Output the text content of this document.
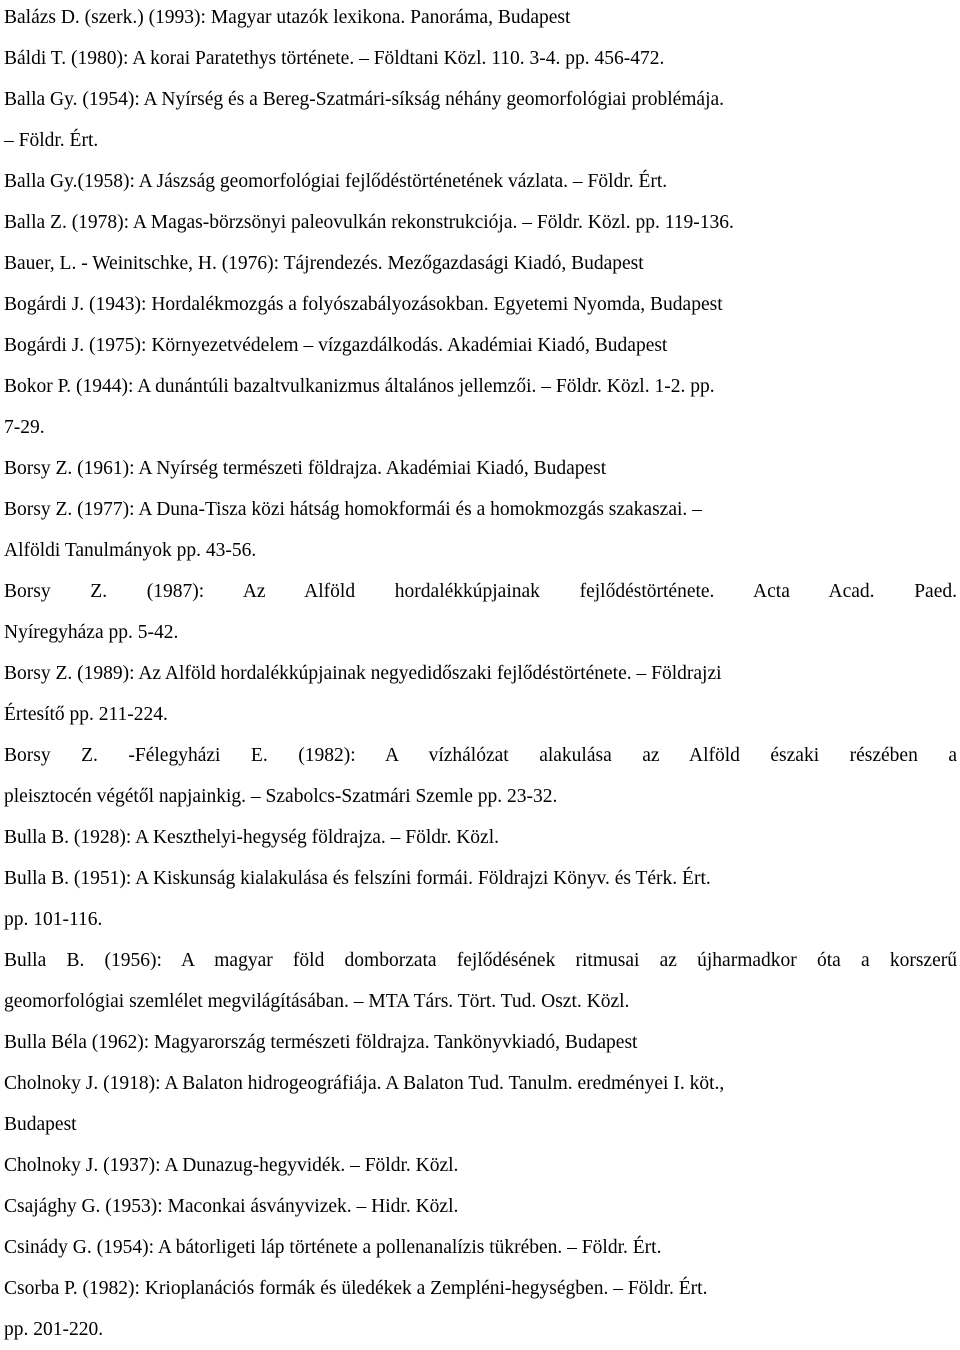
Balázs D. (szerk.) (1993): Magyar utazók lexikona. Panoráma, Budapest
Báldi T. (1980): A korai Paratethys története. – Földtani Közl. 110. 3-4. pp. 456-472.
Balla Gy. (1954): A Nyírség és a Bereg-Szatmári-síkság néhány geomorfológiai problémája.
– Földr. Ért.
Balla Gy.(1958): A Jászság geomorfológiai fejlődéstörténetének vázlata. – Földr. Ért.
Balla Z. (1978): A Magas-börzsönyi paleovulkán rekonstrukciója. – Földr. Közl. pp. 119-136.
Bauer, L. - Weinitschke, H. (1976): Tájrendezés. Mezőgazdasági Kiadó, Budapest
Bogárdi J. (1943): Hordalékmozgás a folyószabályozásokban. Egyetemi Nyomda, Budapest
Bogárdi J. (1975): Környezetvédelem – vízgazdálkodás. Akadémiai Kiadó, Budapest
Bokor P. (1944): A dunántúli bazaltvulkanizmus általános jellemzői. – Földr. Közl. 1-2. pp.
7-29.
Borsy Z. (1961): A Nyírség természeti földrajza. Akadémiai Kiadó, Budapest
Borsy Z. (1977): A Duna-Tisza közi hátság homokformái és a homokmozgás szakaszai. –
Alföldi Tanulmányok pp. 43-56.
Borsy Z. (1987): Az Alföld hordalékkúpjainak fejlődéstörténete. Acta Acad. Paed.
Nyíregyháza pp. 5-42.
Borsy Z. (1989): Az Alföld hordalékkúpjainak negyedidőszaki fejlődéstörténete. – Földrajzi
Értesítő pp. 211-224.
Borsy Z. -Félegyházi E. (1982): A vízhálózat alakulása az Alföld északi részében a
pleisztocén végétől napjainkig. – Szabolcs-Szatmári Szemle pp. 23-32.
Bulla B. (1928): A Keszthelyi-hegység földrajza. – Földr. Közl.
Bulla B. (1951): A Kiskunság kialakulása és felszíni formái. Földrajzi Könyv. és Térk. Ért.
pp. 101-116.
Bulla B. (1956): A magyar föld domborzata fejlődésének ritmusai az újharmadkor óta a korszerű
geomorfológiai szemlélet megvilágításában. – MTA Társ. Tört. Tud. Oszt. Közl.
Bulla Béla (1962): Magyarország természeti földrajza. Tankönyvkiadó, Budapest
Cholnoky J. (1918): A Balaton hidrogeográfiája. A Balaton Tud. Tanulm. eredményei I. köt.,
Budapest
Cholnoky J. (1937): A Dunazug-hegyvidék. – Földr. Közl.
Csajághy G. (1953): Maconkai ásványvizek. – Hidr. Közl.
Csinády G. (1954): A bátorligeti láp története a pollenanalízis tükrében. – Földr. Ért.
Csorba P. (1982): Krioplanációs formák és üledékek a Zempléni-hegységben. – Földr. Ért.
pp. 201-220.
